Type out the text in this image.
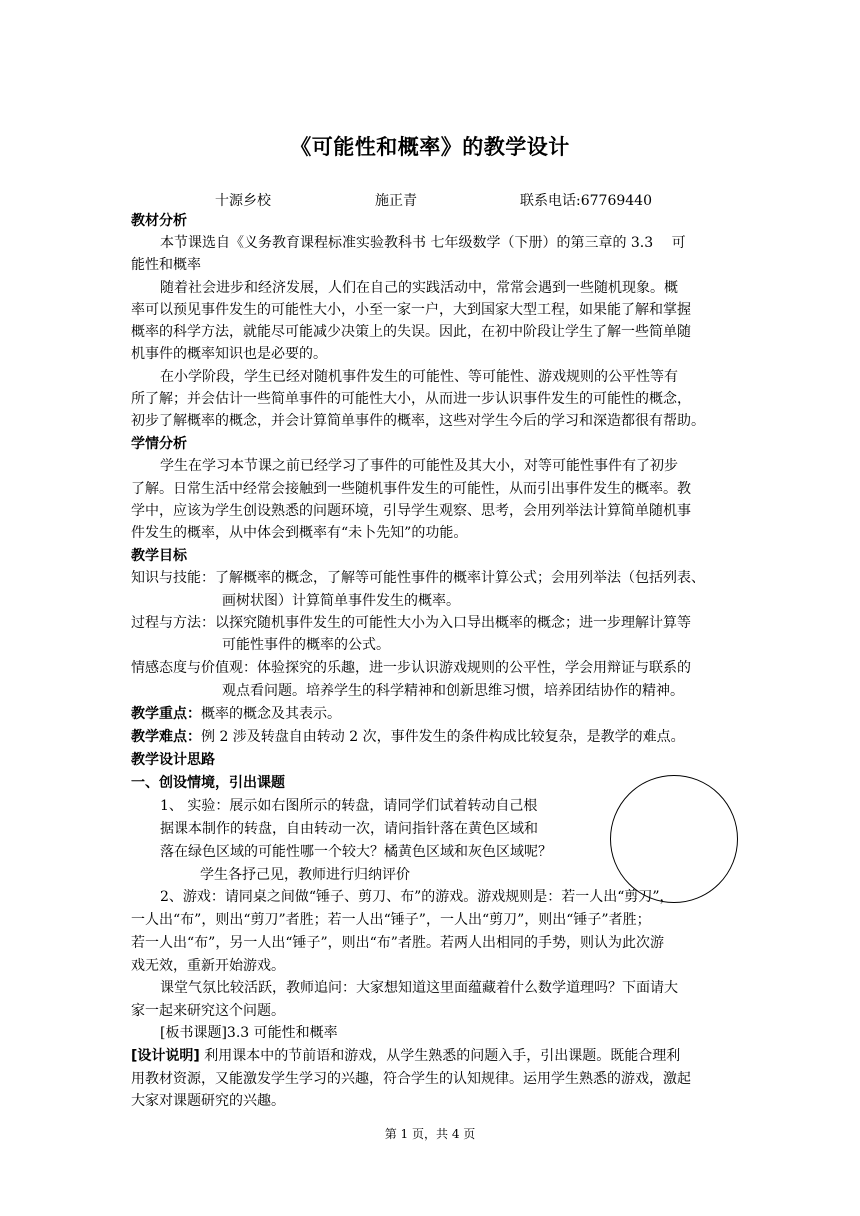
《可能性和概率》的教学设计
十源乡校	施正青	联系电话:67769440
教材分析
本节课选自《义务教育课程标准实验教科书 七年级数学（下册）的第三章的 3.3　 可
能性和概率
随着社会进步和经济发展，人们在自己的实践活动中，常常会遇到一些随机现象。概
率可以预见事件发生的可能性大小，小至一家一户，大到国家大型工程，如果能了解和掌握
概率的科学方法，就能尽可能减少决策上的失误。因此，在初中阶段让学生了解一些简单随
机事件的概率知识也是必要的。
在小学阶段，学生已经对随机事件发生的可能性、等可能性、游戏规则的公平性等有
所了解；并会估计一些简单事件的可能性大小，从而进一步认识事件发生的可能性的概念，
初步了解概率的概念，并会计算简单事件的概率，这些对学生今后的学习和深造都很有帮助。
学情分析
学生在学习本节课之前已经学习了事件的可能性及其大小，对等可能性事件有了初步
了解。日常生活中经常会接触到一些随机事件发生的可能性，从而引出事件发生的概率。教
学中，应该为学生创设熟悉的问题环境，引导学生观察、思考，会用列举法计算简单随机事
件发生的概率，从中体会到概率有“未卜先知”的功能。
教学目标
知识与技能：了解概率的概念，了解等可能性事件的概率计算公式；会用列举法（包括列表、
画树状图）计算简单事件发生的概率。
过程与方法：以探究随机事件发生的可能性大小为入口导出概率的概念；进一步理解计算等
可能性事件的概率的公式。
情感态度与价值观：体验探究的乐趣，进一步认识游戏规则的公平性，学会用辩证与联系的
观点看问题。培养学生的科学精神和创新思维习惯，培养团结协作的精神。
教学重点：概率的概念及其表示。
教学难点：例 2 涉及转盘自由转动 2 次，事件发生的条件构成比较复杂，是教学的难点。
教学设计思路
一、创设情境，引出课题
1、 实验：展示如右图所示的转盘，请同学们试着转动自己根
据课本制作的转盘，自由转动一次，请问指针落在黄色区域和
落在绿色区域的可能性哪一个较大？橘黄色区域和灰色区域呢？
学生各抒己见，教师进行归纳评价
2、游戏：请同桌之间做“锤子、剪刀、布”的游戏。游戏规则是：若一人出“剪刀”，
一人出“布”，则出“剪刀”者胜；若一人出“锤子”，一人出“剪刀”，则出“锤子”者胜；
若一人出“布”，另一人出“锤子”，则出“布”者胜。若两人出相同的手势，则认为此次游
戏无效，重新开始游戏。
课堂气氛比较活跃，教师追问：大家想知道这里面蕴藏着什么数学道理吗？下面请大
家一起来研究这个问题。
[板书课题]3.3 可能性和概率
[设计说明] 利用课本中的节前语和游戏，从学生熟悉的问题入手，引出课题。既能合理利
用教材资源，又能激发学生学习的兴趣，符合学生的认知规律。运用学生熟悉的游戏，激起
大家对课题研究的兴趣。
第 1 页，共 4 页
